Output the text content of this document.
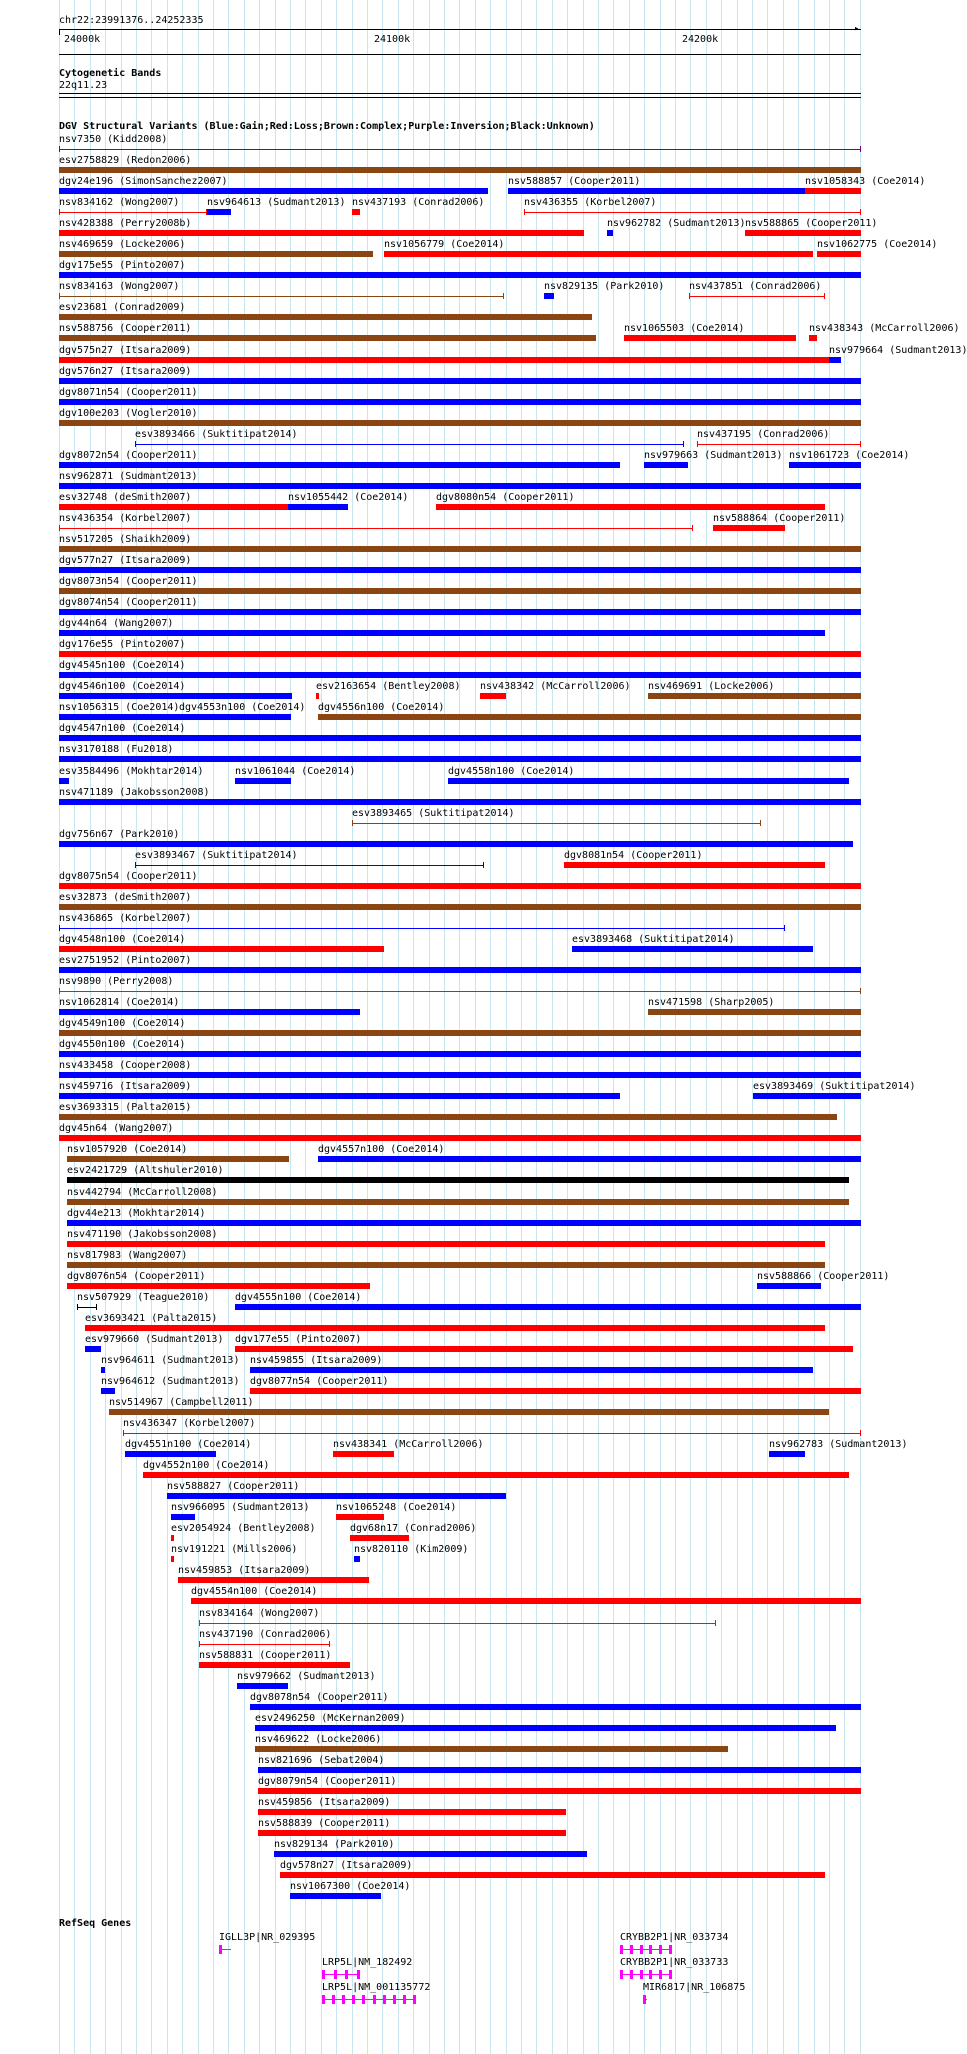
chr22:23991376..24252335
▸
24000k	24100k	24200k
Cytogenetic Bands
22q11.23
DGV Structural Variants (Blue:Gain;Red:Loss;Brown:Complex;Purple:Inversion;Black:Unknown)
nsv7350 (Kidd2008)
esv2758829 (Redon2006)
dgv24e196 (SimonSanchez2007)	nsv588857 (Cooper2011)	nsv1058343 (Coe2014)
nsv834162 (Wong2007)	nsv964613 (Sudmant2013) nsv437193 (Conrad2006)	nsv436355 (Korbel2007)
nsv428388 (Perry2008b)	nsv962782 (Sudmant2013) nsv588865 (Cooper2011)
nsv469659 (Locke2006)	nsv1056779 (Coe2014)	nsv1062775 (Coe2014)
dgv175e55 (Pinto2007)
nsv834163 (Wong2007)	nsv829135 (Park2010) nsv437851 (Conrad2006)
esv23681 (Conrad2009)
nsv588756 (Cooper2011)	nsv1065503 (Coe2014)	nsv438343 (McCarroll2006)
dgv575n27 (Itsara2009)	nsv979664 (Sudmant2013)
dgv576n27 (Itsara2009)
dgv8071n54 (Cooper2011)
dgv100e203 (Vogler2010)
esv3893466 (Suktitipat2014)	nsv437195 (Conrad2006)
dgv8072n54 (Cooper2011)	nsv979663 (Sudmant2013) nsv1061723 (Coe2014)
nsv962871 (Sudmant2013)
esv32748 (deSmith2007)	nsv1055442 (Coe2014)	dgv8080n54 (Cooper2011)
nsv436354 (Korbel2007)	nsv588864 (Cooper2011)
nsv517205 (Shaikh2009)
dgv577n27 (Itsara2009)
dgv8073n54 (Cooper2011)
dgv8074n54 (Cooper2011)
dgv44n64 (Wang2007)
dgv176e55 (Pinto2007)
dgv4545n100 (Coe2014)
dgv4546n100 (Coe2014)	esv2163654 (Bentley2008) nsv438342 (McCarroll2006) nsv469691 (Locke2006)
nsv1056315 (Coe2014) dgv4553n100 (Coe2014) dgv4556n100 (Coe2014)
dgv4547n100 (Coe2014)
nsv3170188 (Fu2018)
esv3584496 (Mokhtar2014)	nsv1061044 (Coe2014)	dgv4558n100 (Coe2014)
nsv471189 (Jakobsson2008)
esv3893465 (Suktitipat2014)
dgv756n67 (Park2010)
esv3893467 (Suktitipat2014)	dgv8081n54 (Cooper2011)
dgv8075n54 (Cooper2011)
esv32873 (deSmith2007)
nsv436865 (Korbel2007)
dgv4548n100 (Coe2014)	esv3893468 (Suktitipat2014)
esv2751952 (Pinto2007)
nsv9890 (Perry2008)
nsv1062814 (Coe2014)	nsv471598 (Sharp2005)
dgv4549n100 (Coe2014)
dgv4550n100 (Coe2014)
nsv433458 (Cooper2008)
nsv459716 (Itsara2009)	esv3893469 (Suktitipat2014)
esv3693315 (Palta2015)
dgv45n64 (Wang2007)
nsv1057920 (Coe2014)	dgv4557n100 (Coe2014)
esv2421729 (Altshuler2010)
nsv442794 (McCarroll2008)
dgv44e213 (Mokhtar2014)
nsv471190 (Jakobsson2008)
nsv817983 (Wang2007)
dgv8076n54 (Cooper2011)	nsv588866 (Cooper2011)
nsv507929 (Teague2010)	dgv4555n100 (Coe2014)
esv3693421 (Palta2015)
esv979660 (Sudmant2013) dgv177e55 (Pinto2007)
nsv964611 (Sudmant2013) nsv459855 (Itsara2009)
nsv964612 (Sudmant2013) dgv8077n54 (Cooper2011)
nsv514967 (Campbell2011)
nsv436347 (Korbel2007)
dgv4551n100 (Coe2014)	nsv438341 (McCarroll2006)	nsv962783 (Sudmant2013)
dgv4552n100 (Coe2014)
nsv588827 (Cooper2011)
nsv966095 (Sudmant2013)	nsv1065248 (Coe2014)
esv2054924 (Bentley2008)	dgv68n17 (Conrad2006)
nsv191221 (Mills2006)	nsv820110 (Kim2009)
nsv459853 (Itsara2009)
dgv4554n100 (Coe2014)
nsv834164 (Wong2007)
nsv437190 (Conrad2006)
nsv588831 (Cooper2011)
nsv979662 (Sudmant2013)
dgv8078n54 (Cooper2011)
esv2496250 (McKernan2009)
nsv469622 (Locke2006)
nsv821696 (Sebat2004)
dgv8079n54 (Cooper2011)
nsv459856 (Itsara2009)
nsv588839 (Cooper2011)
nsv829134 (Park2010)
dgv578n27 (Itsara2009)
nsv1067300 (Coe2014)
RefSeq Genes
IGLL3P|NR_029395
LRP5L|NM_182492
LRP5L|NM_001135772
CRYBB2P1|NR_033734
CRYBB2P1|NR_033733
MIR6817|NR_106875
